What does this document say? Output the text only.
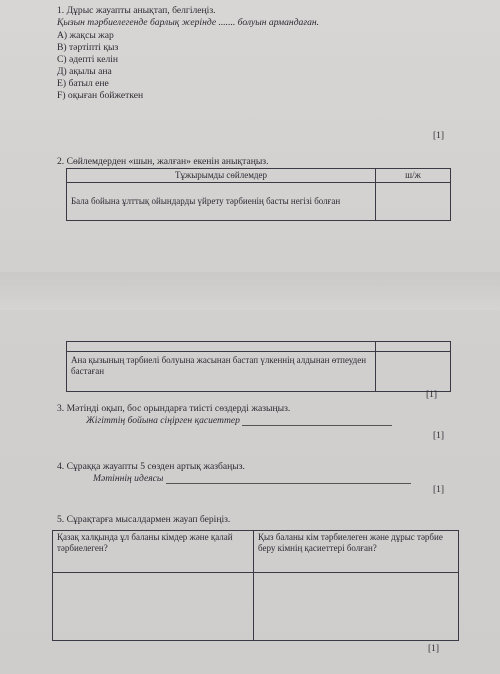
1. Дұрыс жауапты анықтап, белгілеңіз.
Қызын тәрбиелегенде барлық жерінде ....... болуын армандаған.
А) жақсы жар
В) тәртіпті қыз
С) әдепті келін
Д) ақылы ана
Е) батыл ене
F) оқыған бойжеткен
[1]
2. Сөйлемдерден «шын, жалған» екенін анықтаңыз.
Тұжырымды сөйлемдер	ш/ж
Бала бойына ұлттық ойындарды үйрету тәрбиенің басты негізі болған	

Ана қызының тәрбиелі болуына жасынан бастап үлкеннің алдынан өтпеуден бастаған	
[1]
3. Мәтінді оқып, бос орындарға тиісті сөздерді жазыңыз.
Жігіттің бойына сіңірген қасиеттер
[1]
4. Сұраққа жауапты 5 сөзден артық жазбаңыз.
Мәтіннің идеясы
[1]
5. Сұрақтарға мысалдармен жауап беріңіз.
Қазақ халқында ұл баланы кімдер және қалай тәрбиелеген?	Қыз баланы кім тәрбиелеген және дұрыс тәрбие беру кімнің қасиеттері болған?

[1]
